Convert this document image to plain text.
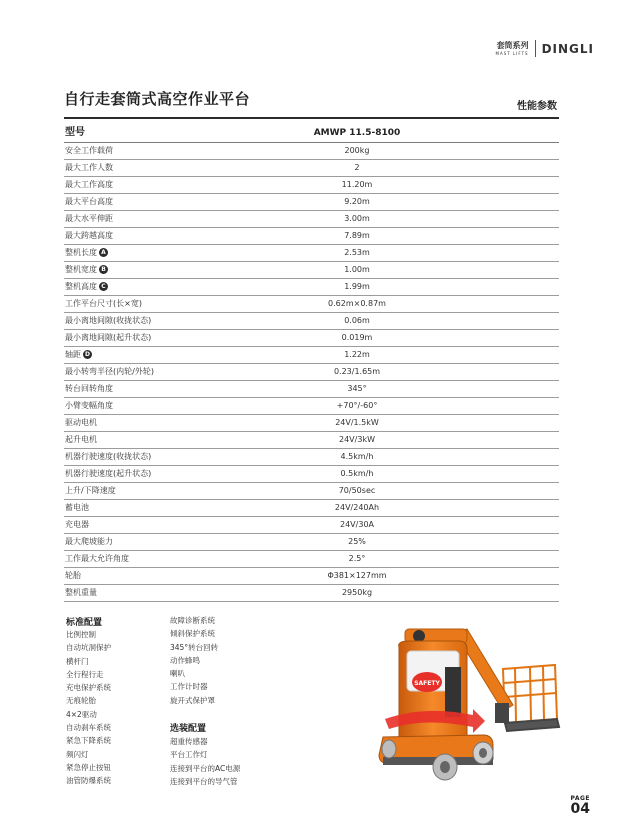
套筒系列
MAST LIFTS DINGLI
自行走套筒式高空作业平台	性能参数
型号	AMWP 11.5-8100
安全工作载荷	200kg
最大工作人数	2
最大工作高度	11.20m
最大平台高度	9.20m
最大水平伸距	3.00m
最大跨越高度	7.89m
整机长度 A	2.53m
整机宽度 B	1.00m
整机高度 C	1.99m
工作平台尺寸(长×宽)	0.62m×0.87m
最小离地间隙(收拢状态)	0.06m
最小离地间隙(起升状态)	0.019m
轴距 D	1.22m
最小转弯半径(内轮/外轮)	0.23/1.65m
转台回转角度	345°
小臂变幅角度	+70°/-60°
驱动电机	24V/1.5kW
起升电机	24V/3kW
机器行驶速度(收拢状态)	4.5km/h
机器行驶速度(起升状态)	0.5km/h
上升/下降速度	70/50sec
蓄电池	24V/240Ah
充电器	24V/30A
最大爬坡能力	25%
工作最大允许角度	2.5°
轮胎	Φ381×127mm
整机重量	2950kg
标准配置
比例控制
自动坑洞保护
横杆门
全行程行走
充电保护系统
无痕轮胎
4×2驱动
自动刹车系统
紧急下降系统
频闪灯
紧急停止按钮
油管防爆系统
故障诊断系统
倾斜保护系统
345°转台回转
动作蜂鸣
喇叭
工作计时器
旋开式保护罩
选装配置
超重传感器
平台工作灯
连接到平台的AC电源
连接到平台的导气管
SAFETY
PAGE
04
